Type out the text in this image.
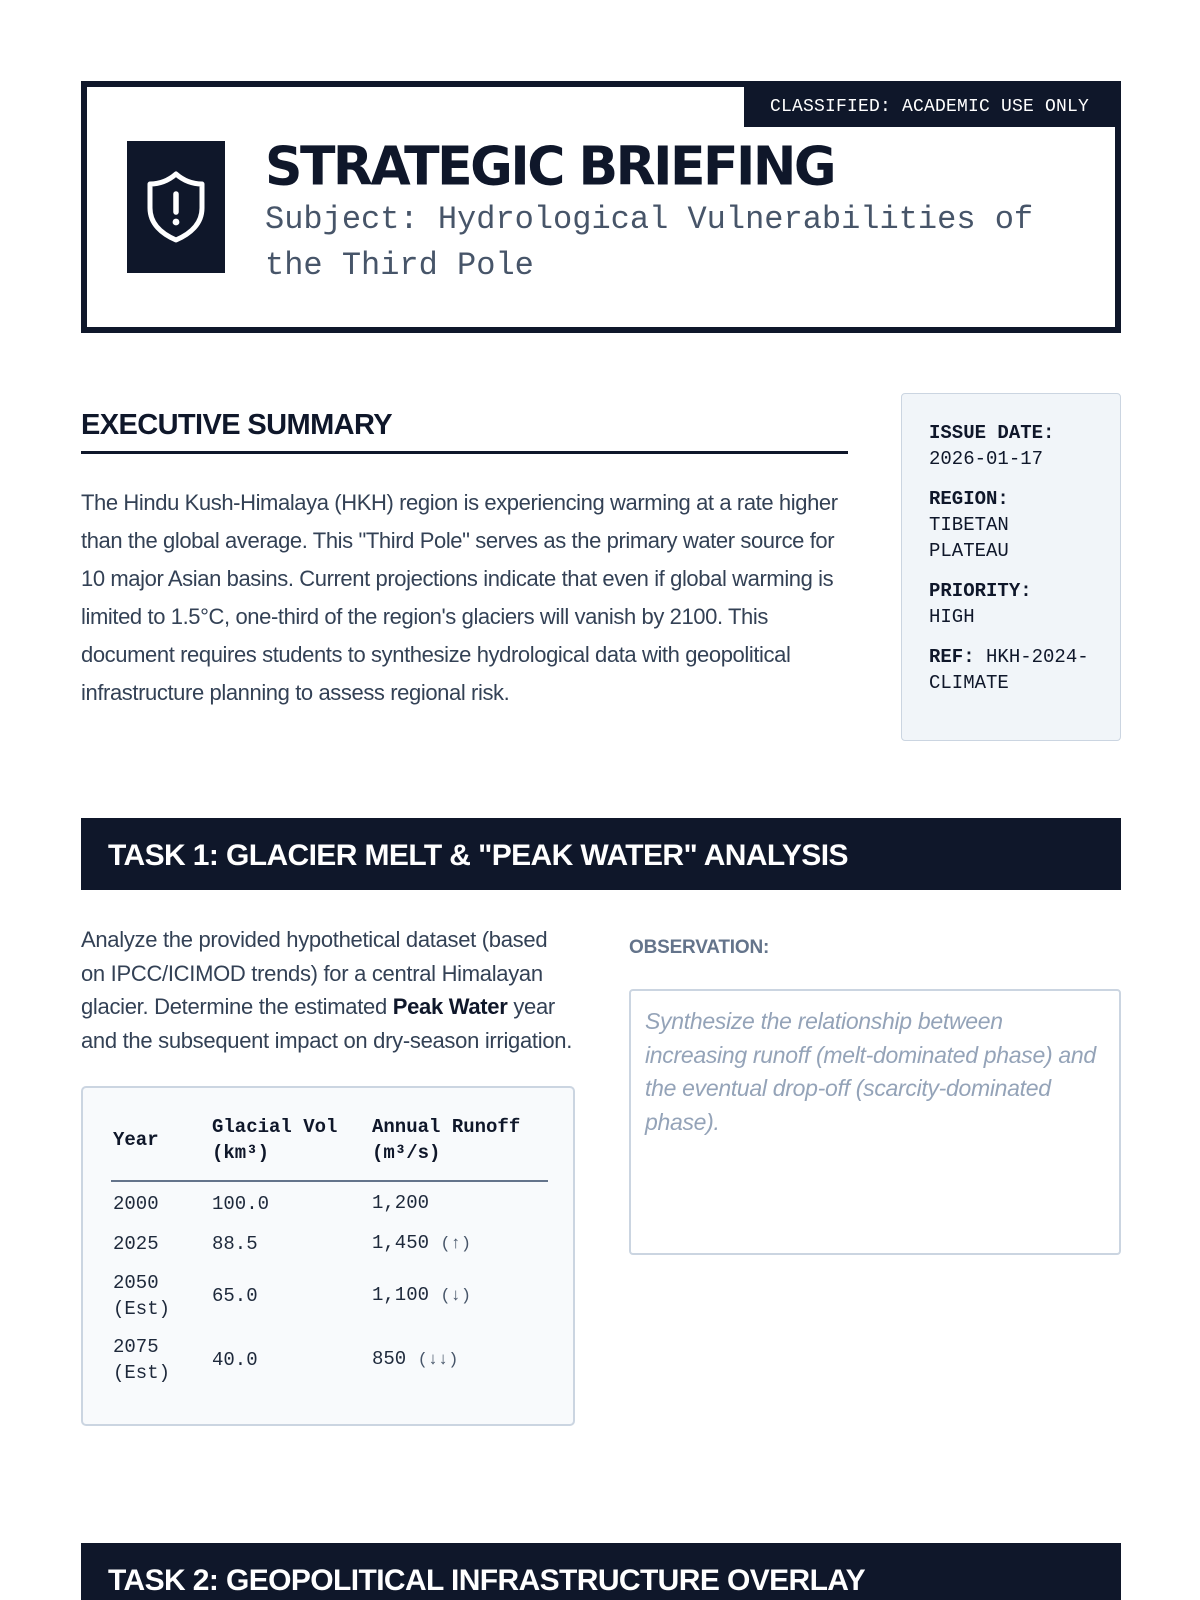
CLASSIFIED: ACADEMIC USE ONLY
STRATEGIC BRIEFING
Subject: Hydrological Vulnerabilities of the Third Pole
EXECUTIVE SUMMARY

The Hindu Kush-Himalaya (HKH) region is experiencing warming at a rate higher than the global average. This "Third Pole" serves as the primary water source for 10 major Asian basins. Current projections indicate that even if global warming is limited to 1.5°C, one-third of the region's glaciers will vanish by 2100. This document requires students to synthesize hydrological data with geopolitical infrastructure planning to assess regional risk.

ISSUE DATE:
2026-01-17
REGION:
TIBETAN PLATEAU
PRIORITY:
HIGH
REF: HKH-2024-CLIMATE
TASK 1: GLACIER MELT & "PEAK WATER" ANALYSIS

Analyze the provided hypothetical dataset (based on IPCC/ICIMOD trends) for a central Himalayan glacier. Determine the estimated Peak Water year and the subsequent impact on dry-season irrigation.

Year	Glacial Vol (km³)	Annual Runoff (m³/s)
2000	100.0	1,200
2025	88.5	1,450 (↑)

2050 (Est)	65.0	1,100 (↓)

2075 (Est)	40.0	850 (↓↓)
OBSERVATION:
Synthesize the relationship between increasing runoff (melt-dominated phase) and the eventual drop-off (scarcity-dominated phase).
TASK 2: GEOPOLITICAL INFRASTRUCTURE OVERLAY
